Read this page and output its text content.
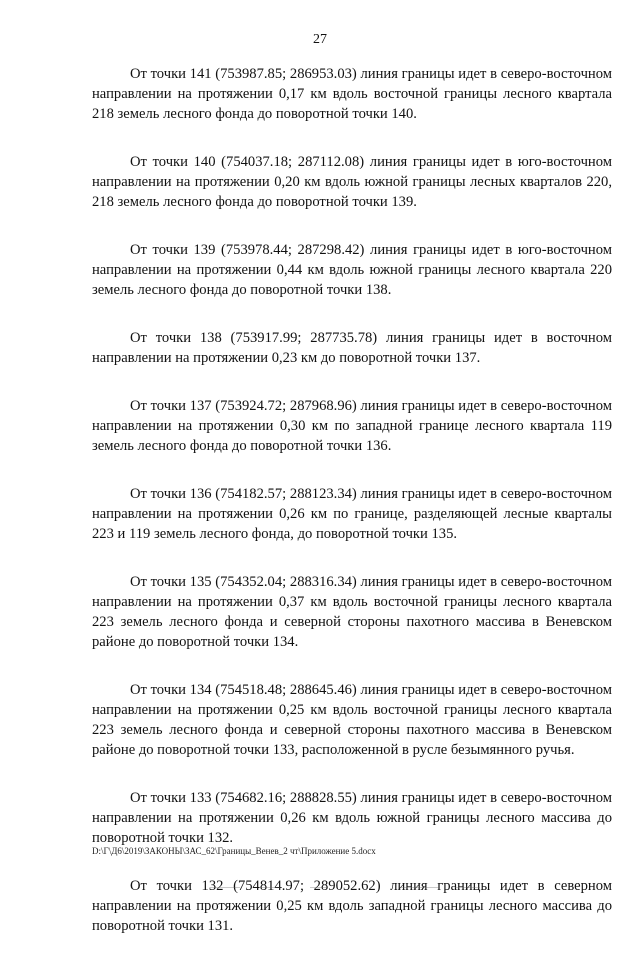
27

От точки 141 (753987.85; 286953.03) линия границы идет в северо-восточном направлении на протяжении 0,17 км вдоль восточной границы лесного квартала 218 земель лесного фонда до поворотной точки 140.

От точки 140 (754037.18; 287112.08) линия границы идет в юго-восточном направлении на протяжении 0,20 км вдоль южной границы лесных кварталов 220, 218 земель лесного фонда до поворотной точки 139.

От точки 139 (753978.44; 287298.42) линия границы идет в юго-восточном направлении на протяжении 0,44 км вдоль южной границы лесного квартала 220 земель лесного фонда до поворотной точки 138.

От точки 138 (753917.99; 287735.78) линия границы идет в восточном направлении на протяжении 0,23 км до поворотной точки 137.

От точки 137 (753924.72; 287968.96) линия границы идет в северо-восточном направлении на протяжении 0,30 км по западной границе лесного квартала 119 земель лесного фонда до поворотной точки 136.

От точки 136 (754182.57; 288123.34) линия границы идет в северо-восточном направлении на протяжении 0,26 км по границе, разделяющей лесные кварталы 223 и 119 земель лесного фонда, до поворотной точки 135.

От точки 135 (754352.04; 288316.34) линия границы идет в северо-восточном направлении на протяжении 0,37 км вдоль восточной границы лесного квартала 223 земель лесного фонда и северной стороны пахотного массива в Веневском районе до поворотной точки 134.

От точки 134 (754518.48; 288645.46) линия границы идет в северо-восточном направлении на протяжении 0,25 км вдоль восточной границы лесного квартала 223 земель лесного фонда и северной стороны пахотного массива в Веневском районе до поворотной точки 133, расположенной в русле безымянного ручья.

От точки 133 (754682.16; 288828.55) линия границы идет в северо-восточном направлении на протяжении 0,26 км вдоль южной границы лесного массива до поворотной точки 132.

От точки 132 (754814.97; 289052.62) линия границы идет в северном направлении на протяжении 0,25 км вдоль западной границы лесного массива до поворотной точки 131.

D:\Г\Д6\2019\ЗАКОНЫ\ЗАС_62\Границы_Венев_2 чт\Приложение 5.docx
